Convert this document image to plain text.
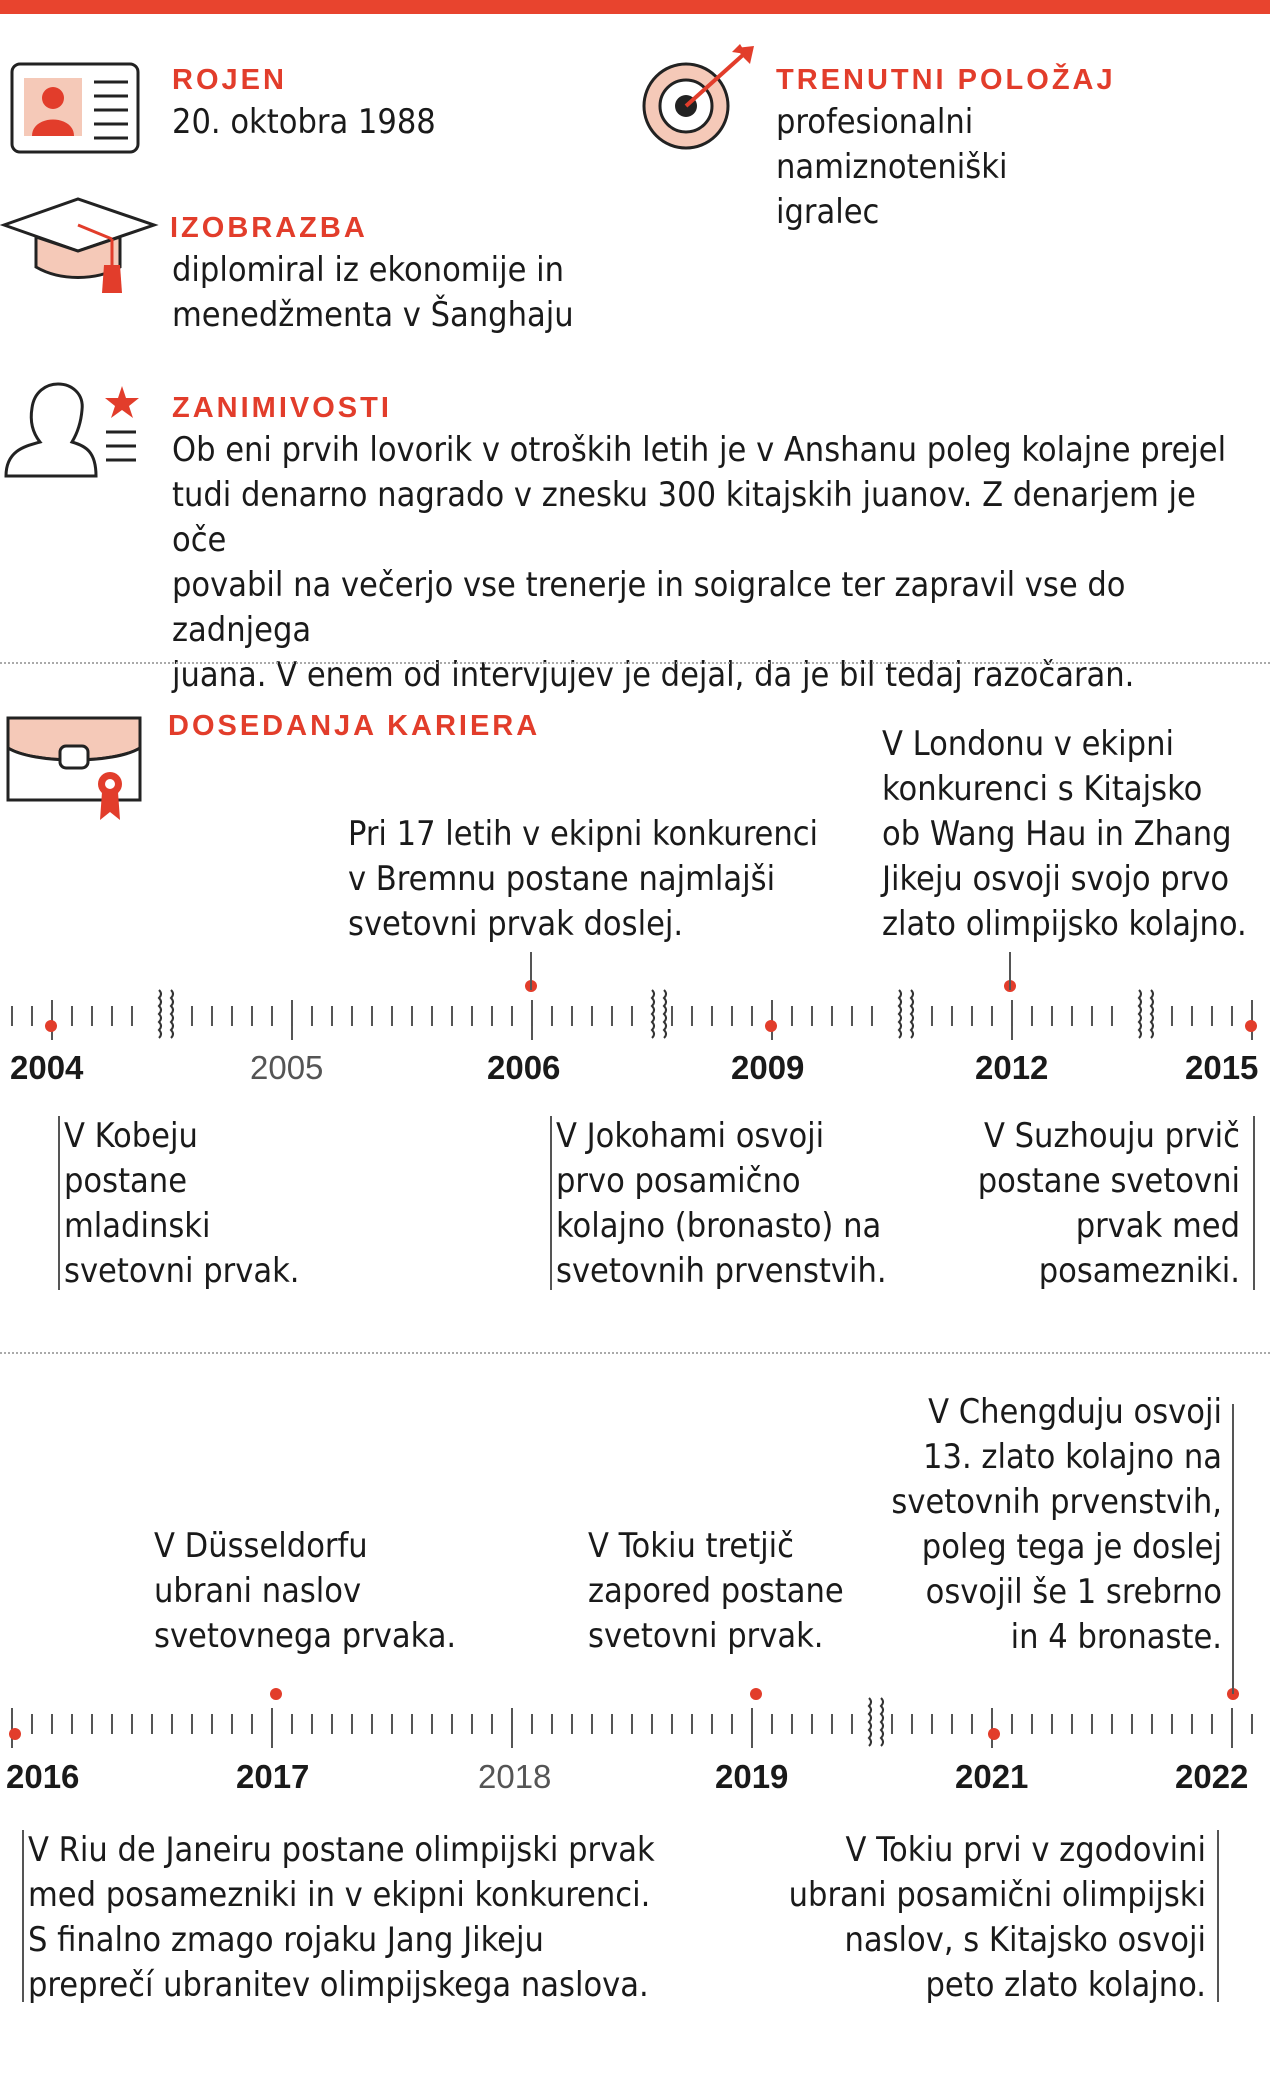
ROJEN
20. oktobra 1988
TRENUTNI POLOŽAJ
profesionalni
namiznoteniški
igralec
IZOBRAZBA
diplomiral iz ekonomije in
menedžmenta v Šanghaju
ZANIMIVOSTI
Ob eni prvih lovorik v otroških letih je v Anshanu poleg kolajne prejel
tudi denarno nagrado v znesku 300 kitajskih juanov. Z denarjem je oče
povabil na večerjo vse trenerje in soigralce ter zapravil vse do zadnjega
juana. V enem od intervjujev je dejal, da je bil tedaj razočaran.
DOSEDANJA KARIERA
2004	2005	2006	2009	2012	2015
Pri 17 letih v ekipni konkurenci
v Bremnu postane najmlajši
svetovni prvak doslej.
V Londonu v ekipni
konkurenci s Kitajsko
ob Wang Hau in Zhang
Jikeju osvoji svojo prvo
zlato olimpijsko kolajno.
V Kobeju
postane
mladinski
svetovni prvak.
V Jokohami osvoji
prvo posamično
kolajno (bronasto) na
svetovnih prvenstvih.
V Suzhouju prvič
postane svetovni
prvak med
posamezniki.
2016	2017	2018	2019	2021	2022
V Düsseldorfu
ubrani naslov
svetovnega prvaka.
V Tokiu tretjič
zapored postane
svetovni prvak.
V Chengduju osvoji
13. zlato kolajno na
svetovnih prvenstvih,
poleg tega je doslej
osvojil še 1 srebrno
in 4 bronaste.
V Riu de Janeiru postane olimpijski prvak
med posamezniki in v ekipni konkurenci.
S finalno zmago rojaku Jang Jikeju
preprečí ubranitev olimpijskega naslova.
V Tokiu prvi v zgodovini
ubrani posamični olimpijski
naslov, s Kitajsko osvoji
peto zlato kolajno.
